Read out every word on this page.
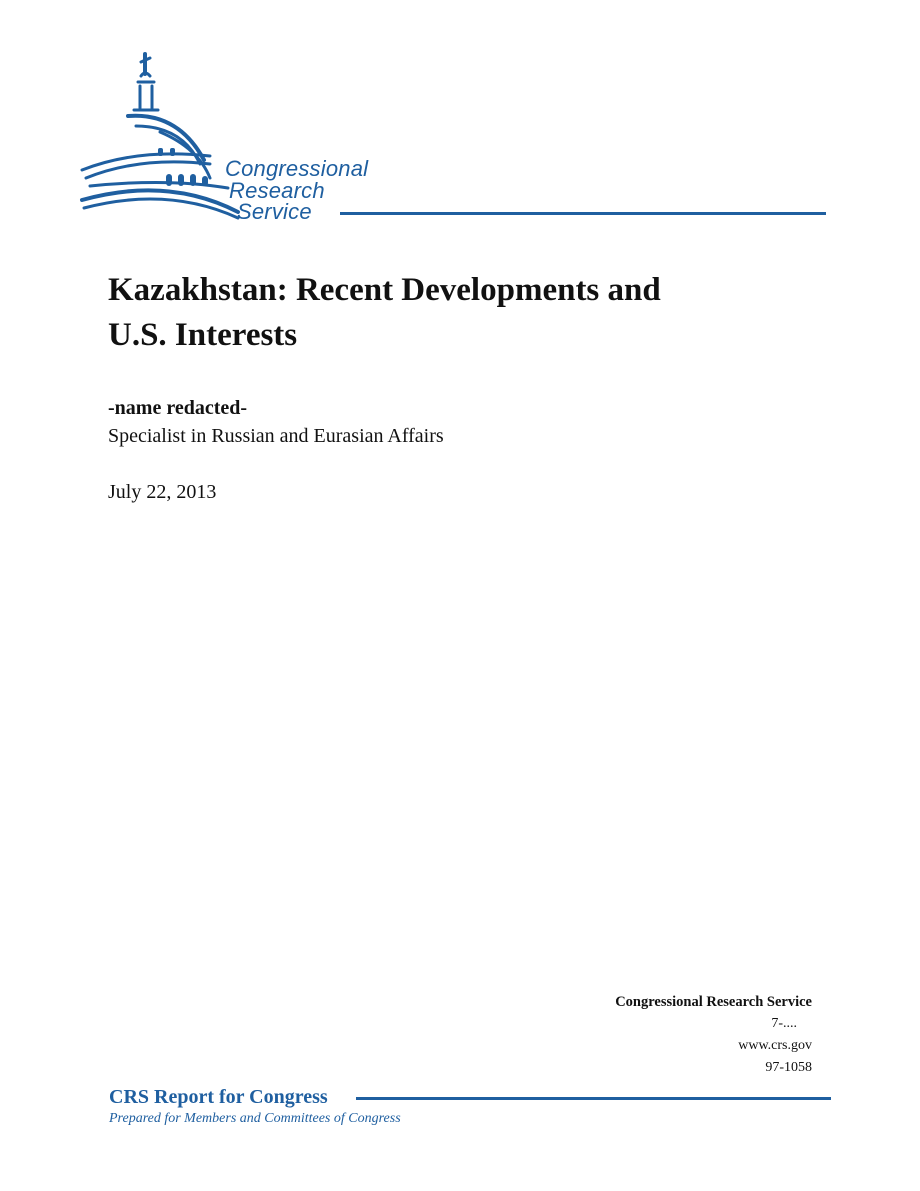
Congressional
Research
Service
Kazakhstan: Recent Developments and
U.S. Interests
-name redacted-
Specialist in Russian and Eurasian Affairs
July 22, 2013
Congressional Research Service
7-....
www.crs.gov
97-1058
CRS Report for Congress
Prepared for Members and Committees of Congress
